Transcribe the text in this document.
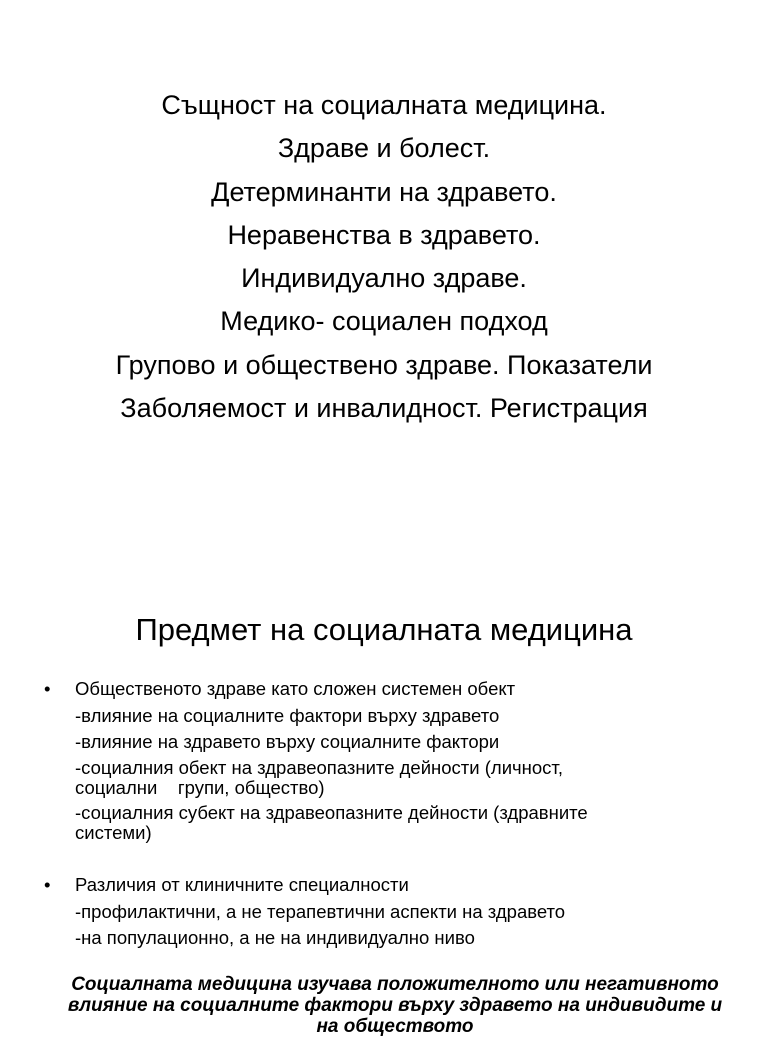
Същност на социалната медицина.
Здраве и болест.
Детерминанти на здравето.
Неравенства в здравето.
Индивидуално здраве.
Медико- социален подход
Групово и обществено здраве. Показатели
Заболяемост и инвалидност. Регистрация
Предмет на социалната медицина
•	Общественото здраве като сложен системен обект
-влияние на социалните фактори върху здравето
-влияние на здравето върху социалните фактори
-социалния обект на здравеопазните дейности (личност,
социални    групи, общество)
-социалния субект на здравеопазните дейности (здравните
системи)
•	Различия от клиничните специалности
-профилактични, а не терапевтични аспекти на здравето
-на популационно, а не на индивидуално ниво
Социалната медицина изучава положителното или негативното влияние на социалните фактори върху здравето на индивидите и на обществото
